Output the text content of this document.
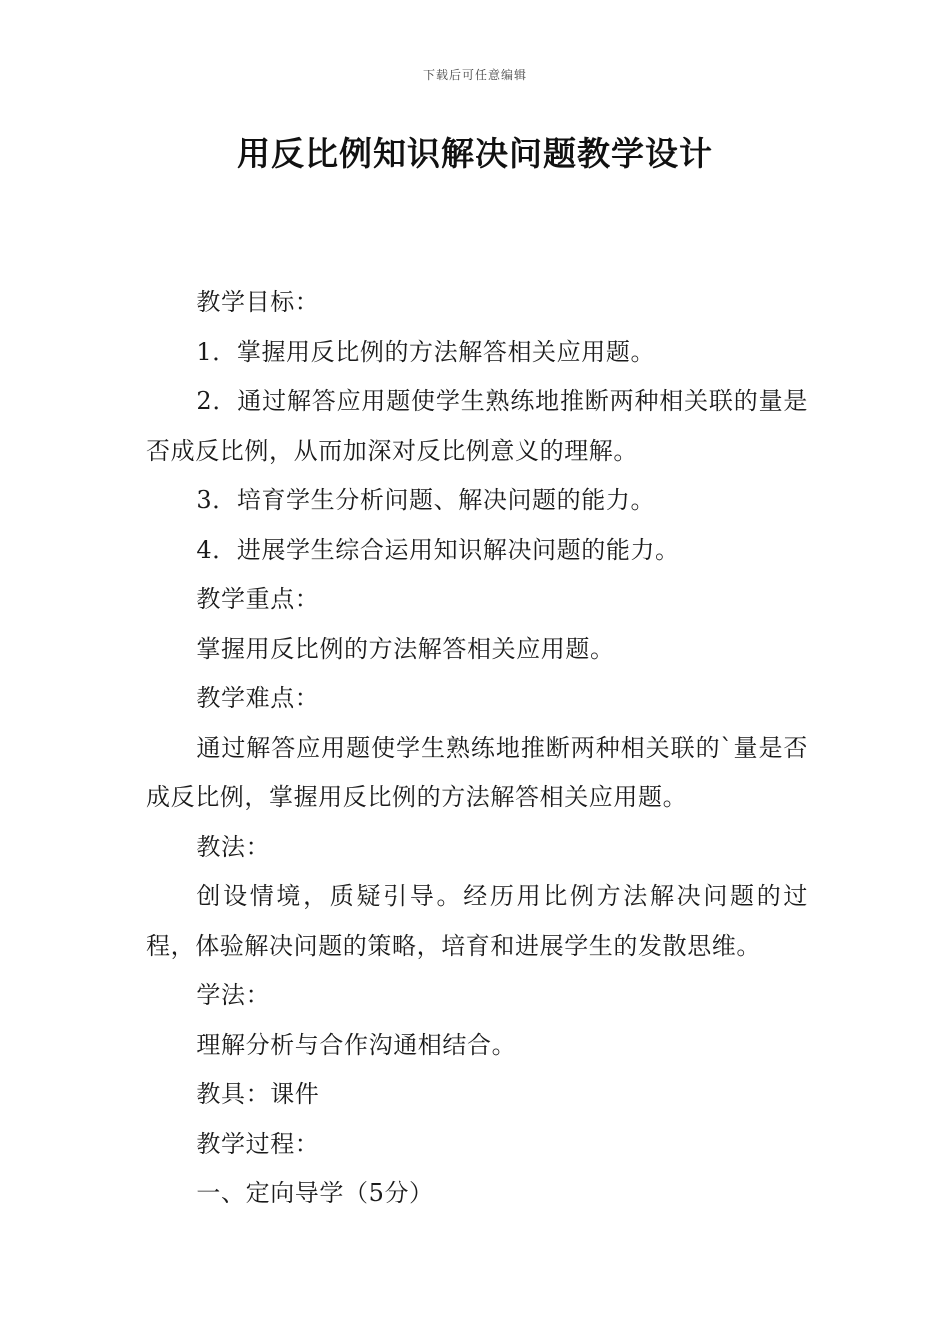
下载后可任意编辑
用反比例知识解决问题教学设计

教学目标：

1．掌握用反比例的方法解答相关应用题。

2．通过解答应用题使学生熟练地推断两种相关联的量是否成反比例，从而加深对反比例意义的理解。

3．培育学生分析问题、解决问题的能力。

4．进展学生综合运用知识解决问题的能力。

教学重点：

掌握用反比例的方法解答相关应用题。

教学难点：

通过解答应用题使学生熟练地推断两种相关联的`量是否成反比例，掌握用反比例的方法解答相关应用题。

教法：

创设情境，质疑引导。经历用比例方法解决问题的过程，体验解决问题的策略，培育和进展学生的发散思维。

学法：

理解分析与合作沟通相结合。

教具：课件

教学过程：

一、定向导学（5分）
